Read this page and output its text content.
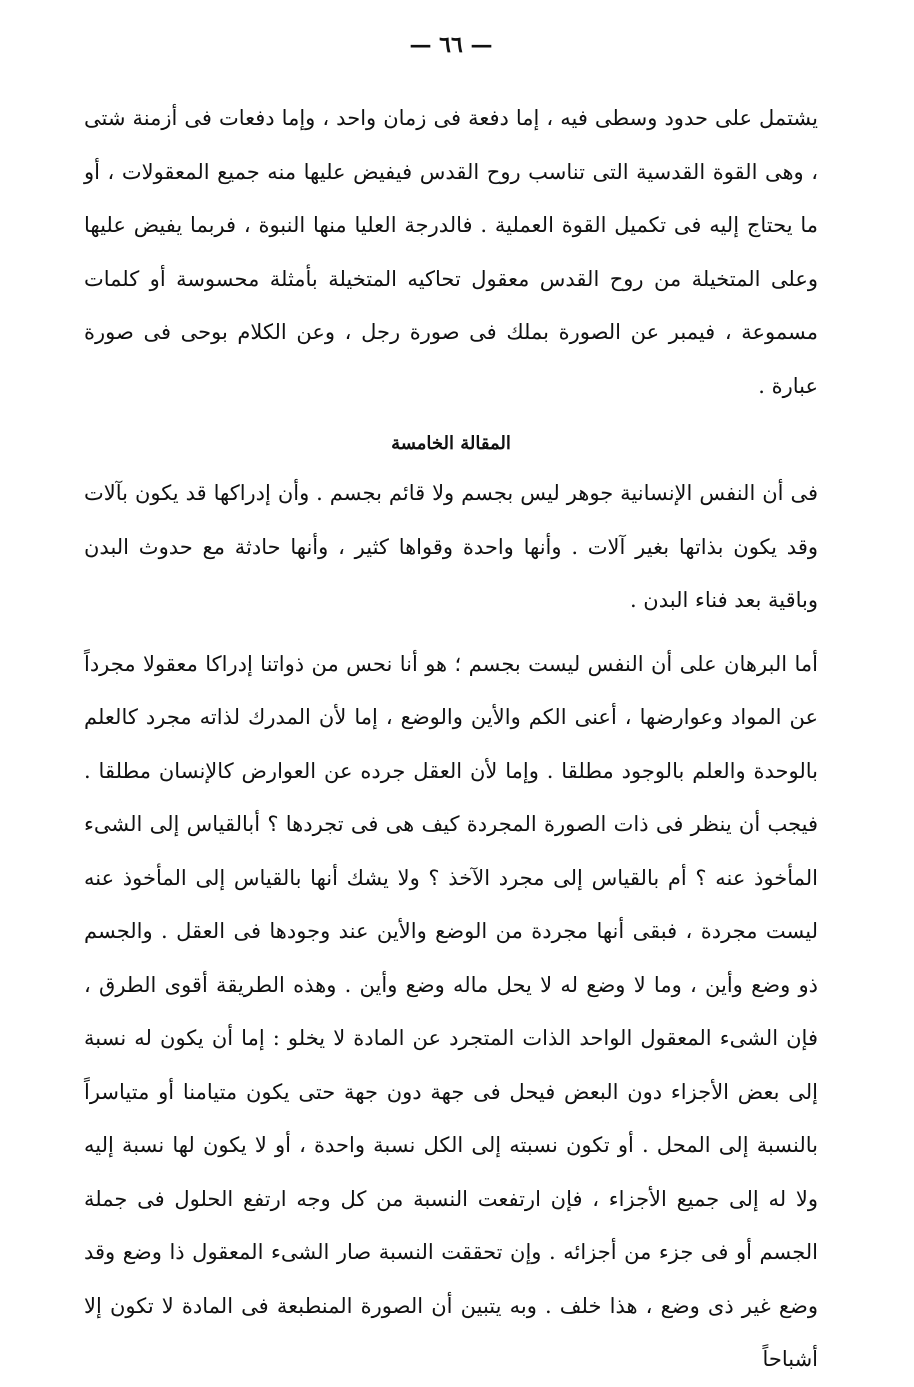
— ٦٦ —

يشتمل على حدود وسطى فيه ، إما دفعة فى زمان واحد ، وإما دفعات فى أزمنة شتى ، وهى القوة القدسية التى تناسب روح القدس فيفيض عليها منه جميع المعقولات ، أو ما يحتاج إليه فى تكميل القوة العملية . فالدرجة العليا منها النبوة ، فربما يفيض عليها وعلى المتخيلة من روح القدس معقول تحاكيه المتخيلة بأمثلة محسوسة أو كلمات مسموعة ، فيمبر عن الصورة بملك فى صورة رجل ، وعن الكلام بوحى فى صورة عبارة .

المقالة الخامسة

فى أن النفس الإنسانية جوهر ليس بجسم ولا قائم بجسم . وأن إدراكها قد يكون بآلات وقد يكون بذاتها بغير آلات . وأنها واحدة وقواها كثير ، وأنها حادثة مع حدوث البدن وباقية بعد فناء البدن .

أما البرهان على أن النفس ليست بجسم ؛ هو أنا نحس من ذواتنا إدراكا معقولا مجرداً عن المواد وعوارضها ، أعنى الكم والأين والوضع ، إما لأن المدرك لذاته مجرد كالعلم بالوحدة والعلم بالوجود مطلقا . وإما لأن العقل جرده عن العوارض كالإنسان مطلقا . فيجب أن ينظر فى ذات الصورة المجردة كيف هى فى تجردها ؟ أبالقياس إلى الشىء المأخوذ عنه ؟ أم بالقياس إلى مجرد الآخذ ؟ ولا يشك أنها بالقياس إلى المأخوذ عنه ليست مجردة ، فبقى أنها مجردة من الوضع والأين عند وجودها فى العقل . والجسم ذو وضع وأين ، وما لا وضع له لا يحل ماله وضع وأين . وهذه الطريقة أقوى الطرق ، فإن الشىء المعقول الواحد الذات المتجرد عن المادة لا يخلو : إما أن يكون له نسبة إلى بعض الأجزاء دون البعض فيحل فى جهة دون جهة حتى يكون متيامنا أو متياسراً بالنسبة إلى المحل . أو تكون نسبته إلى الكل نسبة واحدة ، أو لا يكون لها نسبة إليه ولا له إلى جميع الأجزاء ، فإن ارتفعت النسبة من كل وجه ارتفع الحلول فى جملة الجسم أو فى جزء من أجزائه . وإن تحققت النسبة صار الشىء المعقول ذا وضع وقد وضع غير ذى وضع ، هذا خلف . وبه يتبين أن الصورة المنطبعة فى المادة لا تكون إلا أشباحاً
